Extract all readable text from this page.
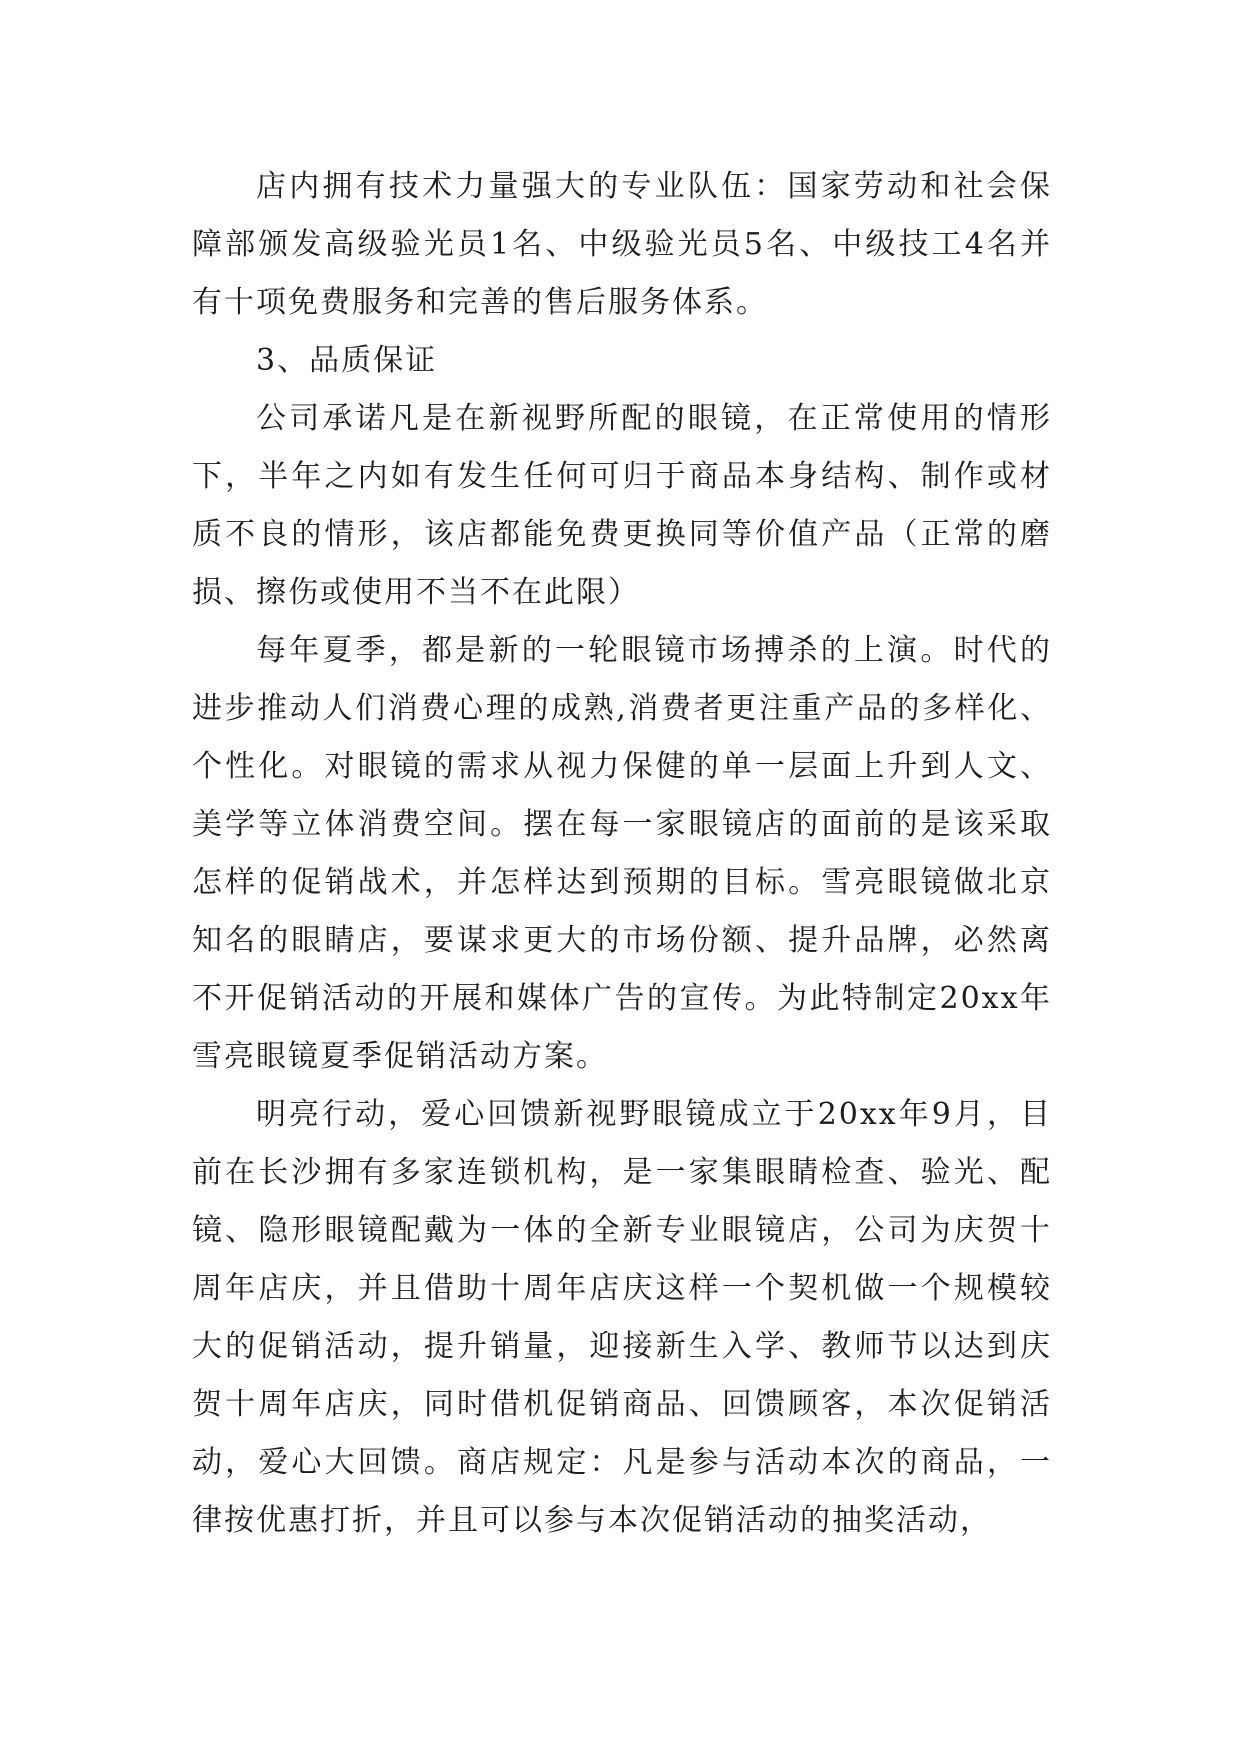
店内拥有技术力量强大的专业队伍：国家劳动和社会保障部颁发高级验光员1名、中级验光员5名、中级技工4名并有十项免费服务和完善的售后服务体系。

3、品质保证

公司承诺凡是在新视野所配的眼镜，在正常使用的情形下，半年之内如有发生任何可归于商品本身结构、制作或材质不良的情形，该店都能免费更换同等价值产品（正常的磨损、擦伤或使用不当不在此限）

每年夏季，都是新的一轮眼镜市场搏杀的上演。时代的进步推动人们消费心理的成熟,消费者更注重产品的多样化、个性化。对眼镜的需求从视力保健的单一层面上升到人文、美学等立体消费空间。摆在每一家眼镜店的面前的是该采取怎样的促销战术，并怎样达到预期的目标。雪亮眼镜做北京知名的眼睛店，要谋求更大的市场份额、提升品牌，必然离不开促销活动的开展和媒体广告的宣传。为此特制定20xx年雪亮眼镜夏季促销活动方案。

明亮行动，爱心回馈新视野眼镜成立于20xx年9月，目前在长沙拥有多家连锁机构，是一家集眼睛检查、验光、配镜、隐形眼镜配戴为一体的全新专业眼镜店，公司为庆贺十周年店庆，并且借助十周年店庆这样一个契机做一个规模较大的促销活动，提升销量，迎接新生入学、教师节以达到庆贺十周年店庆，同时借机促销商品、回馈顾客，本次促销活动，爱心大回馈。商店规定：凡是参与活动本次的商品，一律按优惠打折，并且可以参与本次促销活动的抽奖活动，
